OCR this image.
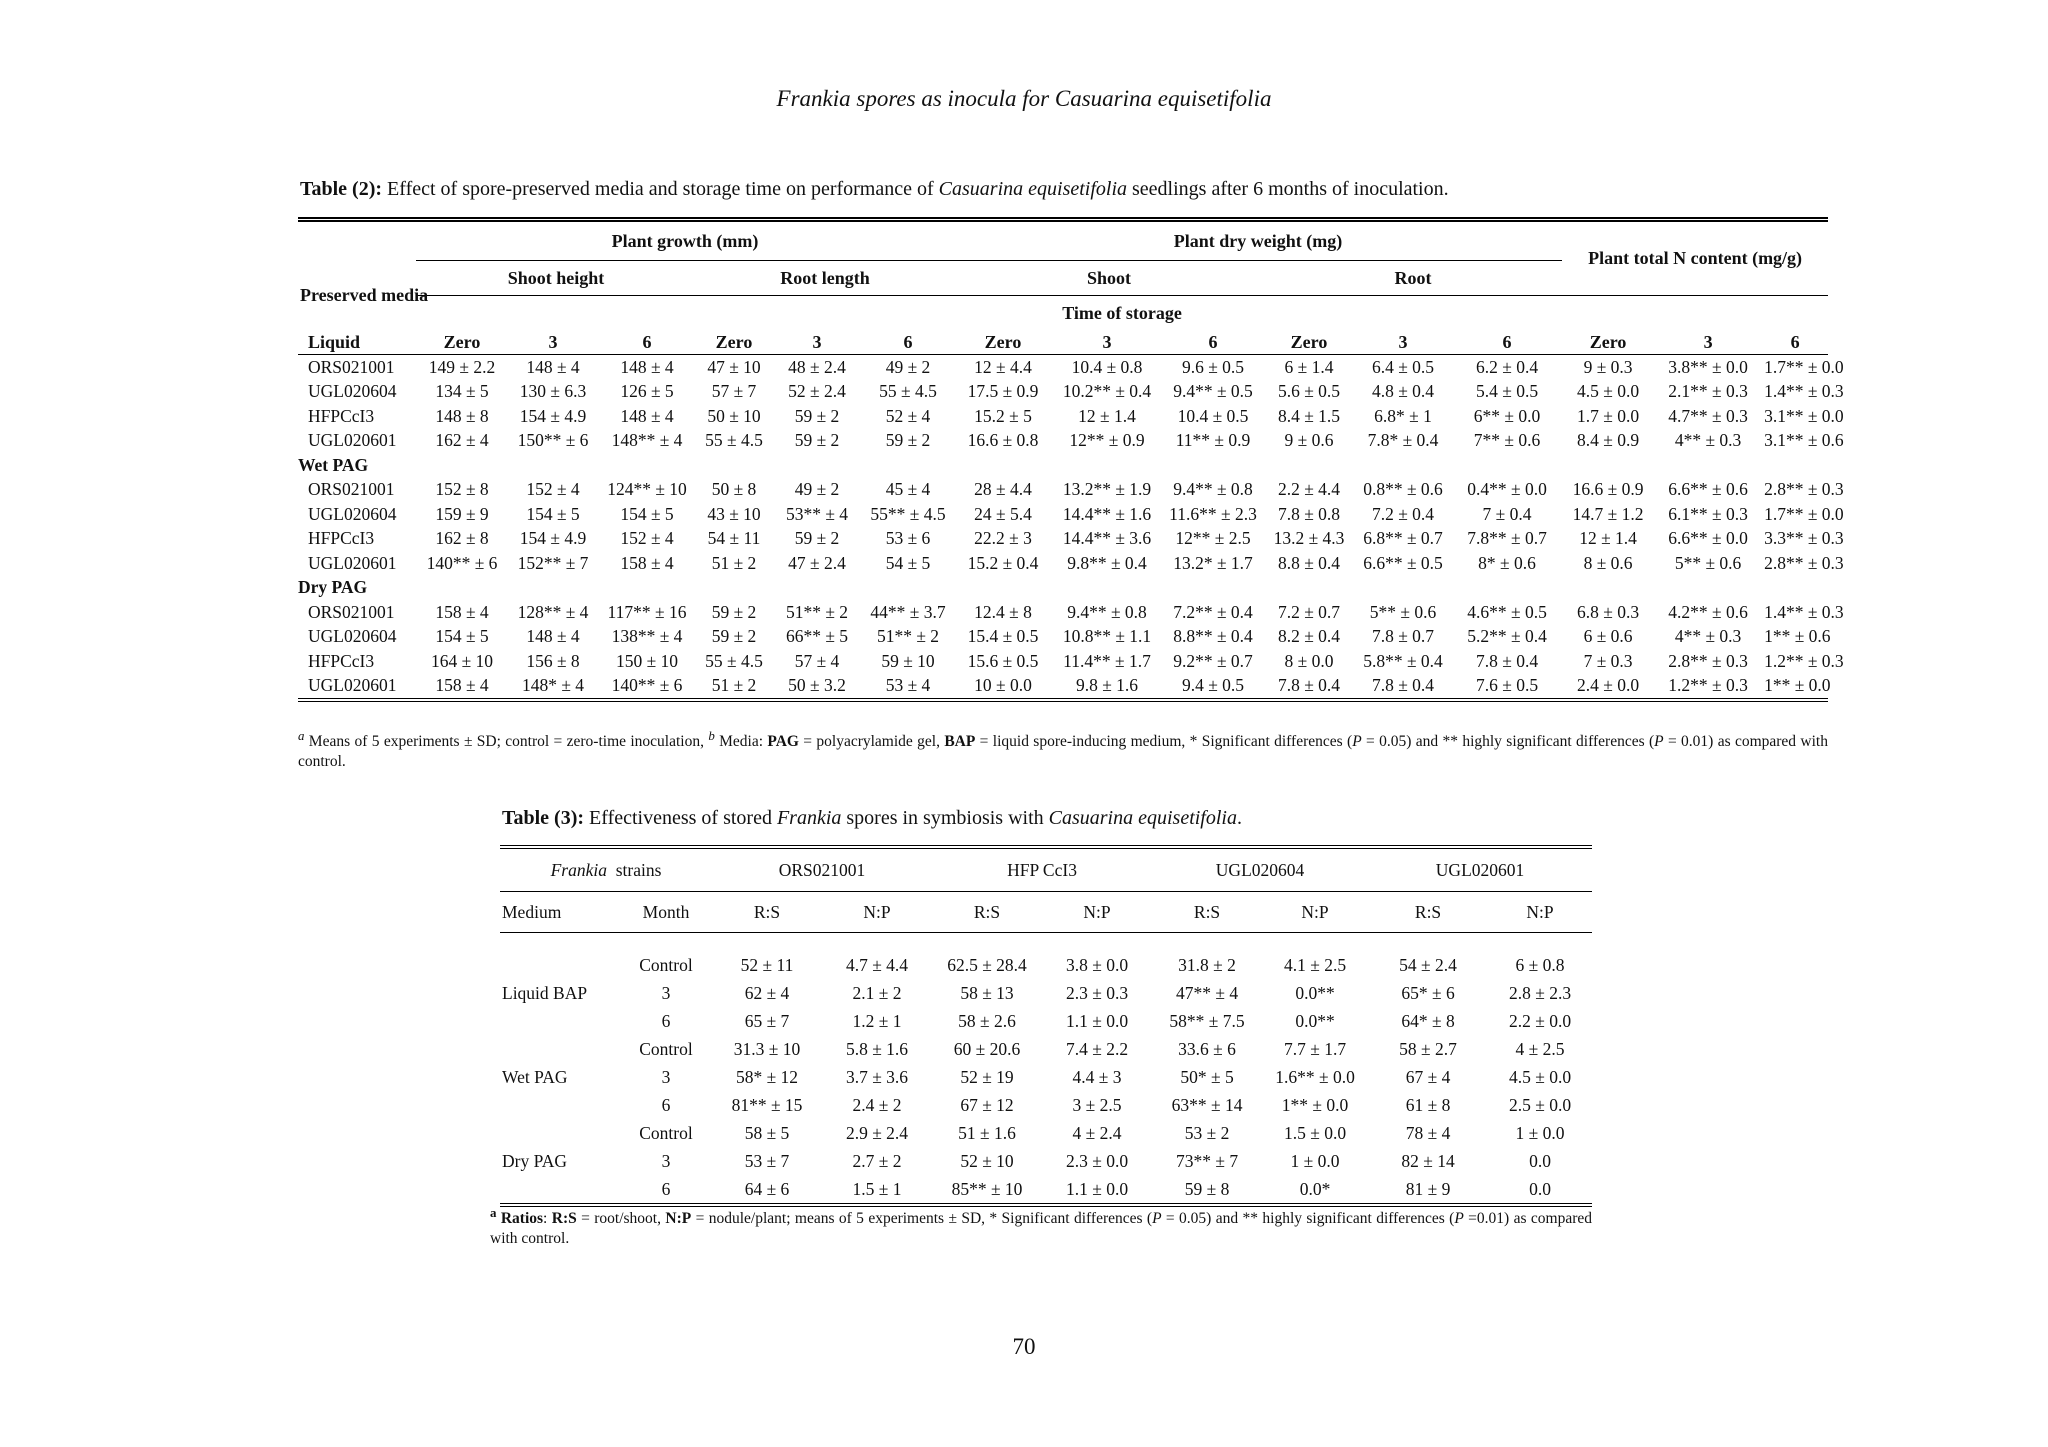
Frankia spores as inocula for Casuarina equisetifolia
Table (2): Effect of spore-preserved media and storage time on performance of Casuarina equisetifolia seedlings after 6 months of inoculation.
	Plant growth (mm)						Plant dry weight (mg)						Plant total N content (mg/g)		
Preserved media	Shoot height			Root length			Shoot			Root					
	Time of storage														
Liquid	Zero	3	6	Zero	3	6	Zero	3	6	Zero	3	6	Zero	3	6
ORS021001	149 ± 2.2	148 ± 4	148 ± 4	47 ± 10	48 ± 2.4	49 ± 2	12 ± 4.4	10.4 ± 0.8	9.6 ± 0.5	6 ± 1.4	6.4 ± 0.5	6.2 ± 0.4	9 ± 0.3	3.8** ± 0.0	1.7** ± 0.0
UGL020604	134 ± 5	130 ± 6.3	126 ± 5	57 ± 7	52 ± 2.4	55 ± 4.5	17.5 ± 0.9	10.2** ± 0.4	9.4** ± 0.5	5.6 ± 0.5	4.8 ± 0.4	5.4 ± 0.5	4.5 ± 0.0	2.1** ± 0.3	1.4** ± 0.3
HFPCcI3	148 ± 8	154 ± 4.9	148 ± 4	50 ± 10	59 ± 2	52 ± 4	15.2 ± 5	12 ± 1.4	10.4 ± 0.5	8.4 ± 1.5	6.8* ± 1	6** ± 0.0	1.7 ± 0.0	4.7** ± 0.3	3.1** ± 0.0
UGL020601	162 ± 4	150** ± 6	148** ± 4	55 ± 4.5	59 ± 2	59 ± 2	16.6 ± 0.8	12** ± 0.9	11** ± 0.9	9 ± 0.6	7.8* ± 0.4	7** ± 0.6	8.4 ± 0.9	4** ± 0.3	3.1** ± 0.6
Wet PAG															
ORS021001	152 ± 8	152 ± 4	124** ± 10	50 ± 8	49 ± 2	45 ± 4	28 ± 4.4	13.2** ± 1.9	9.4** ± 0.8	2.2 ± 4.4	0.8** ± 0.6	0.4** ± 0.0	16.6 ± 0.9	6.6** ± 0.6	2.8** ± 0.3
UGL020604	159 ± 9	154 ± 5	154 ± 5	43 ± 10	53** ± 4	55** ± 4.5	24 ± 5.4	14.4** ± 1.6	11.6** ± 2.3	7.8 ± 0.8	7.2 ± 0.4	7 ± 0.4	14.7 ± 1.2	6.1** ± 0.3	1.7** ± 0.0
HFPCcI3	162 ± 8	154 ± 4.9	152 ± 4	54 ± 11	59 ± 2	53 ± 6	22.2 ± 3	14.4** ± 3.6	12** ± 2.5	13.2 ± 4.3	6.8** ± 0.7	7.8** ± 0.7	12 ± 1.4	6.6** ± 0.0	3.3** ± 0.3
UGL020601	140** ± 6	152** ± 7	158 ± 4	51 ± 2	47 ± 2.4	54 ± 5	15.2 ± 0.4	9.8** ± 0.4	13.2* ± 1.7	8.8 ± 0.4	6.6** ± 0.5	8* ± 0.6	8 ± 0.6	5** ± 0.6	2.8** ± 0.3
Dry PAG															
ORS021001	158 ± 4	128** ± 4	117** ± 16	59 ± 2	51** ± 2	44** ± 3.7	12.4 ± 8	9.4** ± 0.8	7.2** ± 0.4	7.2 ± 0.7	5** ± 0.6	4.6** ± 0.5	6.8 ± 0.3	4.2** ± 0.6	1.4** ± 0.3
UGL020604	154 ± 5	148 ± 4	138** ± 4	59 ± 2	66** ± 5	51** ± 2	15.4 ± 0.5	10.8** ± 1.1	8.8** ± 0.4	8.2 ± 0.4	7.8 ± 0.7	5.2** ± 0.4	6 ± 0.6	4** ± 0.3	1** ± 0.6
HFPCcI3	164 ± 10	156 ± 8	150 ± 10	55 ± 4.5	57 ± 4	59 ± 10	15.6 ± 0.5	11.4** ± 1.7	9.2** ± 0.7	8 ± 0.0	5.8** ± 0.4	7.8 ± 0.4	7 ± 0.3	2.8** ± 0.3	1.2** ± 0.3
UGL020601	158 ± 4	148* ± 4	140** ± 6	51 ± 2	50 ± 3.2	53 ± 4	10 ± 0.0	9.8 ± 1.6	9.4 ± 0.5	7.8 ± 0.4	7.8 ± 0.4	7.6 ± 0.5	2.4 ± 0.0	1.2** ± 0.3	1** ± 0.0
$^a$ Means of 5 experiments ± SD; control = zero-time inoculation, $^b$ Media: PAG = polyacrylamide gel, BAP = liquid spore-inducing medium, * Significant differences (P = 0.05) and ** highly significant differences (P = 0.01) as compared with control.
Table (3): Effectiveness of stored Frankia spores in symbiosis with Casuarina equisetifolia.
Frankia  strains		ORS021001		HFP CcI3		UGL020604		UGL020601	
Medium	Month	R:S	N:P	R:S	N:P	R:S	N:P	R:S	N:P

	Control	52 ± 11	4.7 ± 4.4	62.5 ± 28.4	3.8 ± 0.0	31.8 ± 2	4.1 ± 2.5	54 ± 2.4	6 ± 0.8
Liquid BAP	3	62 ± 4	2.1 ± 2	58 ± 13	2.3 ± 0.3	47** ± 4	0.0**	65* ± 6	2.8 ± 2.3
	6	65 ± 7	1.2 ± 1	58 ± 2.6	1.1 ± 0.0	58** ± 7.5	0.0**	64* ± 8	2.2 ± 0.0
	Control	31.3 ± 10	5.8 ± 1.6	60 ± 20.6	7.4 ± 2.2	33.6 ± 6	7.7 ± 1.7	58 ± 2.7	4 ± 2.5
Wet PAG	3	58* ± 12	3.7 ± 3.6	52 ± 19	4.4 ± 3	50* ± 5	1.6** ± 0.0	67 ± 4	4.5 ± 0.0
	6	81** ± 15	2.4 ± 2	67 ± 12	3 ± 2.5	63** ± 14	1** ± 0.0	61 ± 8	2.5 ± 0.0
	Control	58 ± 5	2.9 ± 2.4	51 ± 1.6	4 ± 2.4	53 ± 2	1.5 ± 0.0	78 ± 4	1 ± 0.0
Dry PAG	3	53 ± 7	2.7 ± 2	52 ± 10	2.3 ± 0.0	73** ± 7	1 ± 0.0	82 ± 14	0.0
	6	64 ± 6	1.5 ± 1	85** ± 10	1.1 ± 0.0	59 ± 8	0.0*	81 ± 9	0.0
$^a$ Ratios: R:S = root/shoot, N:P = nodule/plant; means of 5 experiments ± SD, * Significant differences (P = 0.05) and ** highly significant differences (P =0.01) as compared with control.
70
